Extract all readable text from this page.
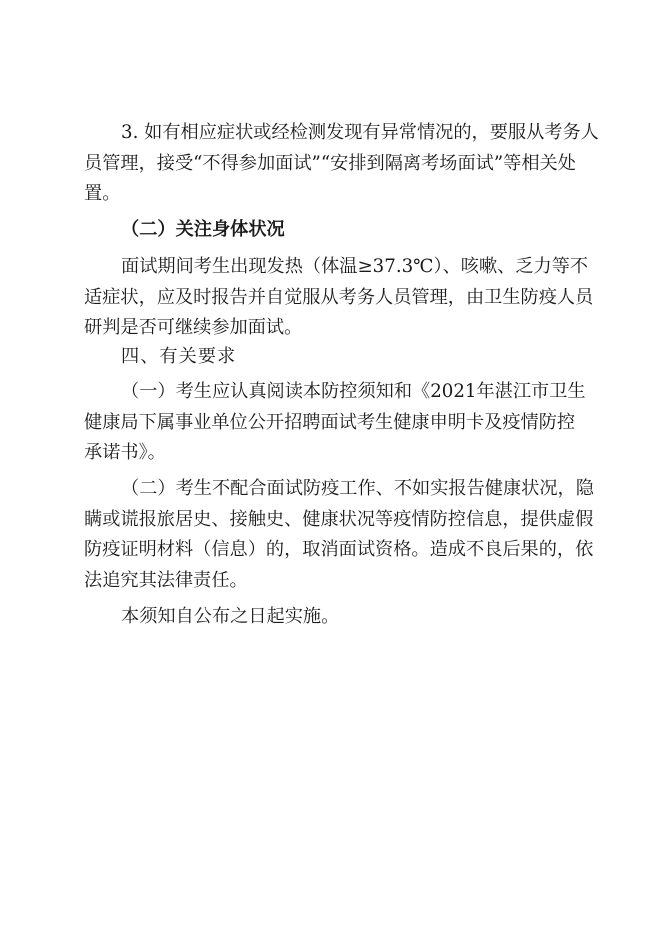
3. 如有相应症状或经检测发现有异常情况的，要服从考务人
员管理，接受“不得参加面试”“安排到隔离考场面试”等相关处
置。

（二）关注身体状况

面试期间考生出现发热（体温≥37.3℃）、咳嗽、乏力等不
适症状，应及时报告并自觉服从考务人员管理，由卫生防疫人员
研判是否可继续参加面试。

四、有关要求

（一）考生应认真阅读本防控须知和《2021年湛江市卫生
健康局下属事业单位公开招聘面试考生健康申明卡及疫情防控
承诺书》。

（二）考生不配合面试防疫工作、不如实报告健康状况，隐
瞒或谎报旅居史、接触史、健康状况等疫情防控信息，提供虚假
防疫证明材料（信息）的，取消面试资格。造成不良后果的，依
法追究其法律责任。

本须知自公布之日起实施。
